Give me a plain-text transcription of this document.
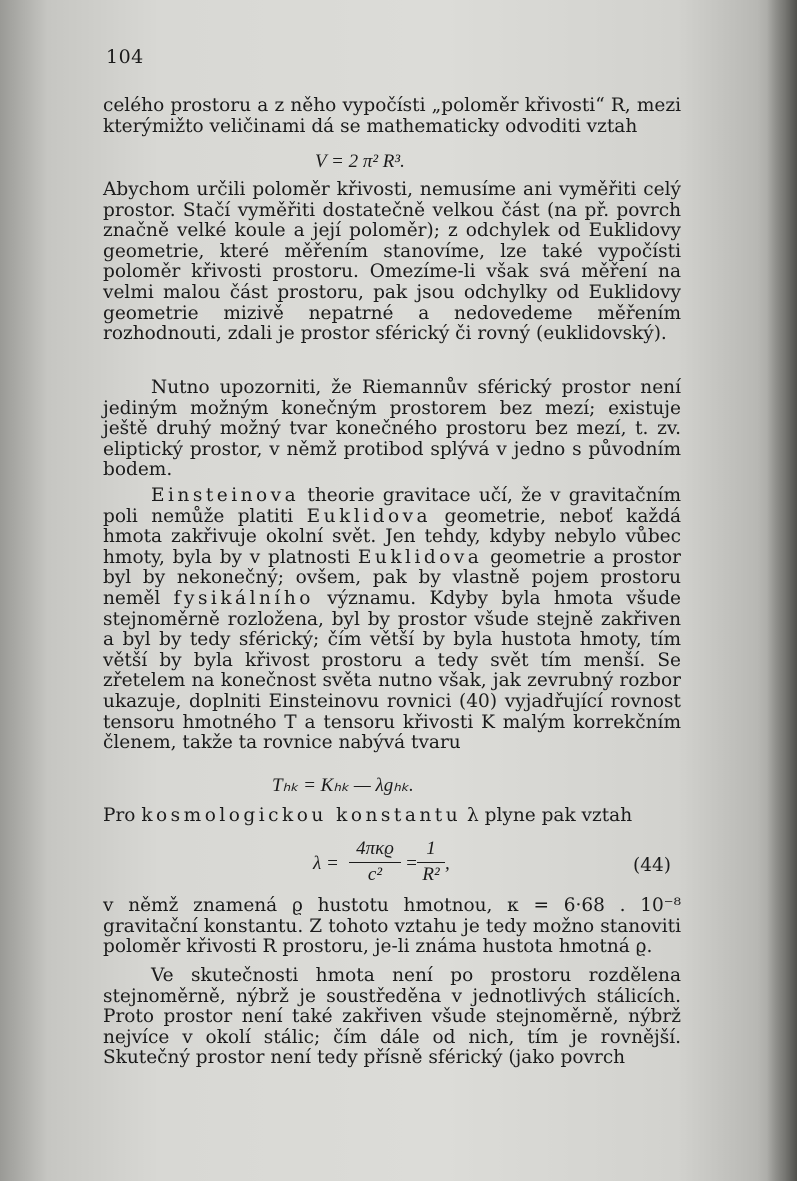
104

celého prostoru a z něho vypočísti „poloměr křivosti“ R, mezi kterýmižto veličinami dá se mathematicky odvoditi vztah

V = 2 π² R³.

Abychom určili poloměr křivosti, nemusíme ani vyměřiti celý prostor. Stačí vyměřiti dostatečně velkou část (na př. povrch značně velké koule a její poloměr); z odchylek od Euklidovy geometrie, které měřením stanovíme, lze také vypočísti poloměr křivosti prostoru. Omezíme-li však svá měření na velmi malou část prostoru, pak jsou odchylky od Euklidovy geometrie mizivě nepatrné a nedovedeme měřením rozhodnouti, zdali je prostor sférický či rovný (euklidovský).

Nutno upozorniti, že Riemannův sférický prostor není jediným možným konečným prostorem bez mezí; existuje ještě druhý možný tvar konečného prostoru bez mezí, t. zv. eliptický prostor, v němž protibod splývá v jedno s původním bodem.

Einsteinova theorie gravitace učí, že v gravitačním poli nemůže platiti Euklidova geometrie, neboť každá hmota zakřivuje okolní svět. Jen tehdy, kdyby nebylo vůbec hmoty, byla by v platnosti Euklidova geometrie a prostor byl by nekonečný; ovšem, pak by vlastně pojem prostoru neměl fysikálního významu. Kdyby byla hmota všude stejnoměrně rozložena, byl by prostor všude stejně zakřiven a byl by tedy sférický; čím větší by byla hustota hmoty, tím větší by byla křivost prostoru a tedy svět tím menší. Se zřetelem na konečnost světa nutno však, jak zevrubný rozbor ukazuje, doplniti Einsteinovu rovnici (40) vyjadřující rovnost tensoru hmotného T a tensoru křivosti K malým korrekčním členem, takže ta rovnice nabývá tvaru

Tₕₖ = Kₕₖ — λgₕₖ.

Pro kosmologickou konstantu λ plyne pak vztah

λ =
4πκϱ
c²
=
1
R²
,	(44)

v němž znamená ϱ hustotu hmotnou, κ = 6·68 . 10⁻⁸ gravitační konstantu. Z tohoto vztahu je tedy možno stanoviti poloměr křivosti R prostoru, je-li známa hustota hmotná ϱ.

Ve skutečnosti hmota není po prostoru rozdělena stejnoměrně, nýbrž je soustředěna v jednotlivých stálicích. Proto prostor není také zakřiven všude stejnoměrně, nýbrž nejvíce v okolí stálic; čím dále od nich, tím je rovnější. Skutečný prostor není tedy přísně sférický (jako povrch
